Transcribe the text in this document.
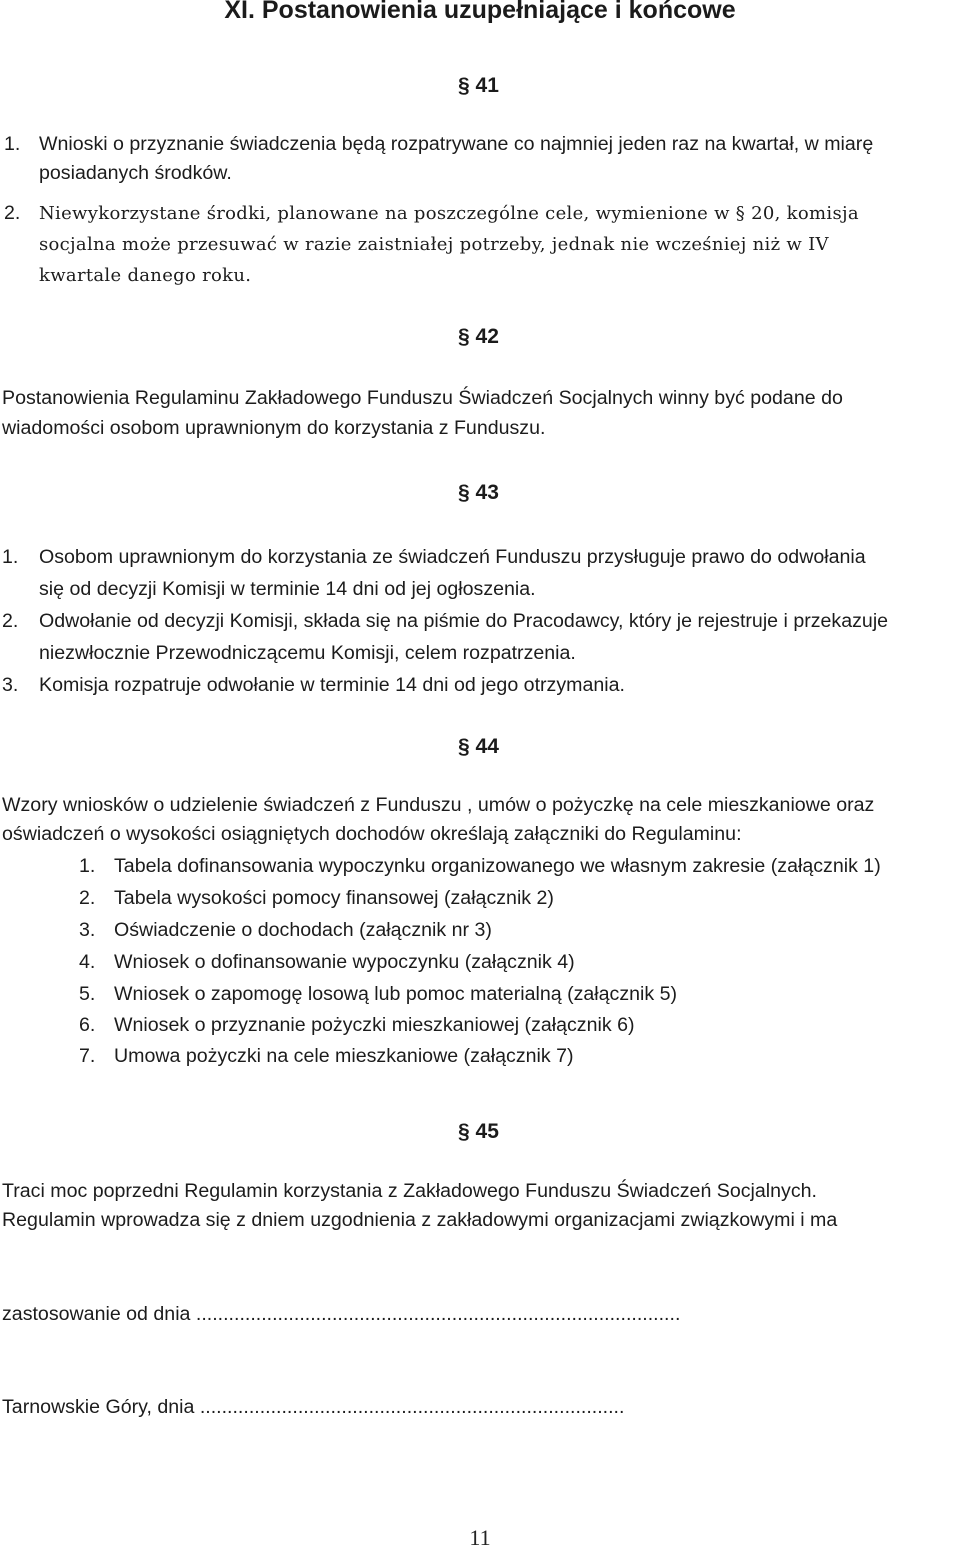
XI. Postanowienia uzupełniające i końcowe
§ 41
1. Wnioski o przyznanie świadczenia będą rozpatrywane co najmniej jeden raz na kwartał, w miarę
posiadanych środków.
2. Niewykorzystane środki, planowane na poszczególne cele, wymienione w § 20, komisja
socjalna może przesuwać w razie zaistniałej potrzeby, jednak nie wcześniej niż w IV
kwartale danego roku.
§ 42
Postanowienia Regulaminu Zakładowego Funduszu Świadczeń Socjalnych winny być podane do
wiadomości osobom uprawnionym do korzystania z Funduszu.
§ 43
1. Osobom uprawnionym do korzystania ze świadczeń Funduszu przysługuje prawo do odwołania
się od decyzji Komisji w terminie 14 dni od jej ogłoszenia.
2. Odwołanie od decyzji Komisji, składa się na piśmie do Pracodawcy, który je rejestruje i przekazuje
niezwłocznie Przewodniczącemu Komisji, celem rozpatrzenia.
3. Komisja rozpatruje odwołanie w terminie 14 dni od jego otrzymania.
§ 44
Wzory wniosków o udzielenie świadczeń z Funduszu , umów o pożyczkę na cele mieszkaniowe oraz
oświadczeń o wysokości osiągniętych dochodów określają załączniki do Regulaminu:
1. Tabela dofinansowania wypoczynku organizowanego we własnym zakresie (załącznik 1)
2. Tabela wysokości pomocy finansowej (załącznik 2)
3. Oświadczenie o dochodach (załącznik nr 3)
4. Wniosek o dofinansowanie wypoczynku (załącznik 4)
5. Wniosek o zapomogę losową lub pomoc materialną (załącznik 5)
6. Wniosek o przyznanie pożyczki mieszkaniowej (załącznik 6)
7. Umowa pożyczki na cele mieszkaniowe (załącznik 7)
§ 45
Traci moc poprzedni Regulamin korzystania z Zakładowego Funduszu Świadczeń Socjalnych.
Regulamin wprowadza się z dniem uzgodnienia z zakładowymi organizacjami związkowymi i ma
zastosowanie od dnia .........................................................................................
Tarnowskie Góry, dnia ..............................................................................
11
